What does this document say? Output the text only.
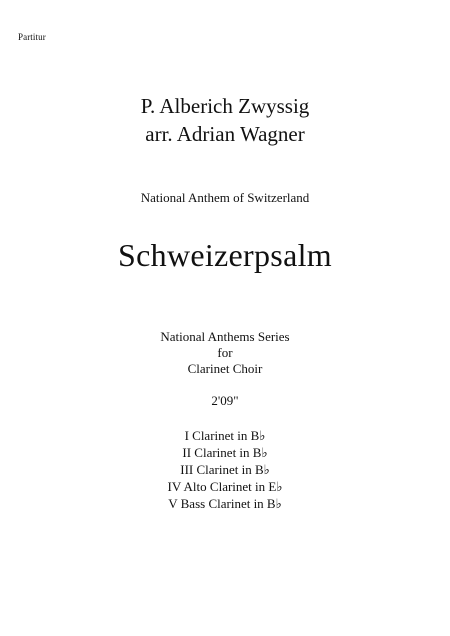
Partitur
P. Alberich Zwyssig
arr. Adrian Wagner
National Anthem of Switzerland
Schweizerpsalm
National Anthems Series
for
Clarinet Choir
2'09"
I Clarinet in B♭
II Clarinet in B♭
III Clarinet in B♭
IV Alto Clarinet in E♭
V Bass Clarinet in B♭
